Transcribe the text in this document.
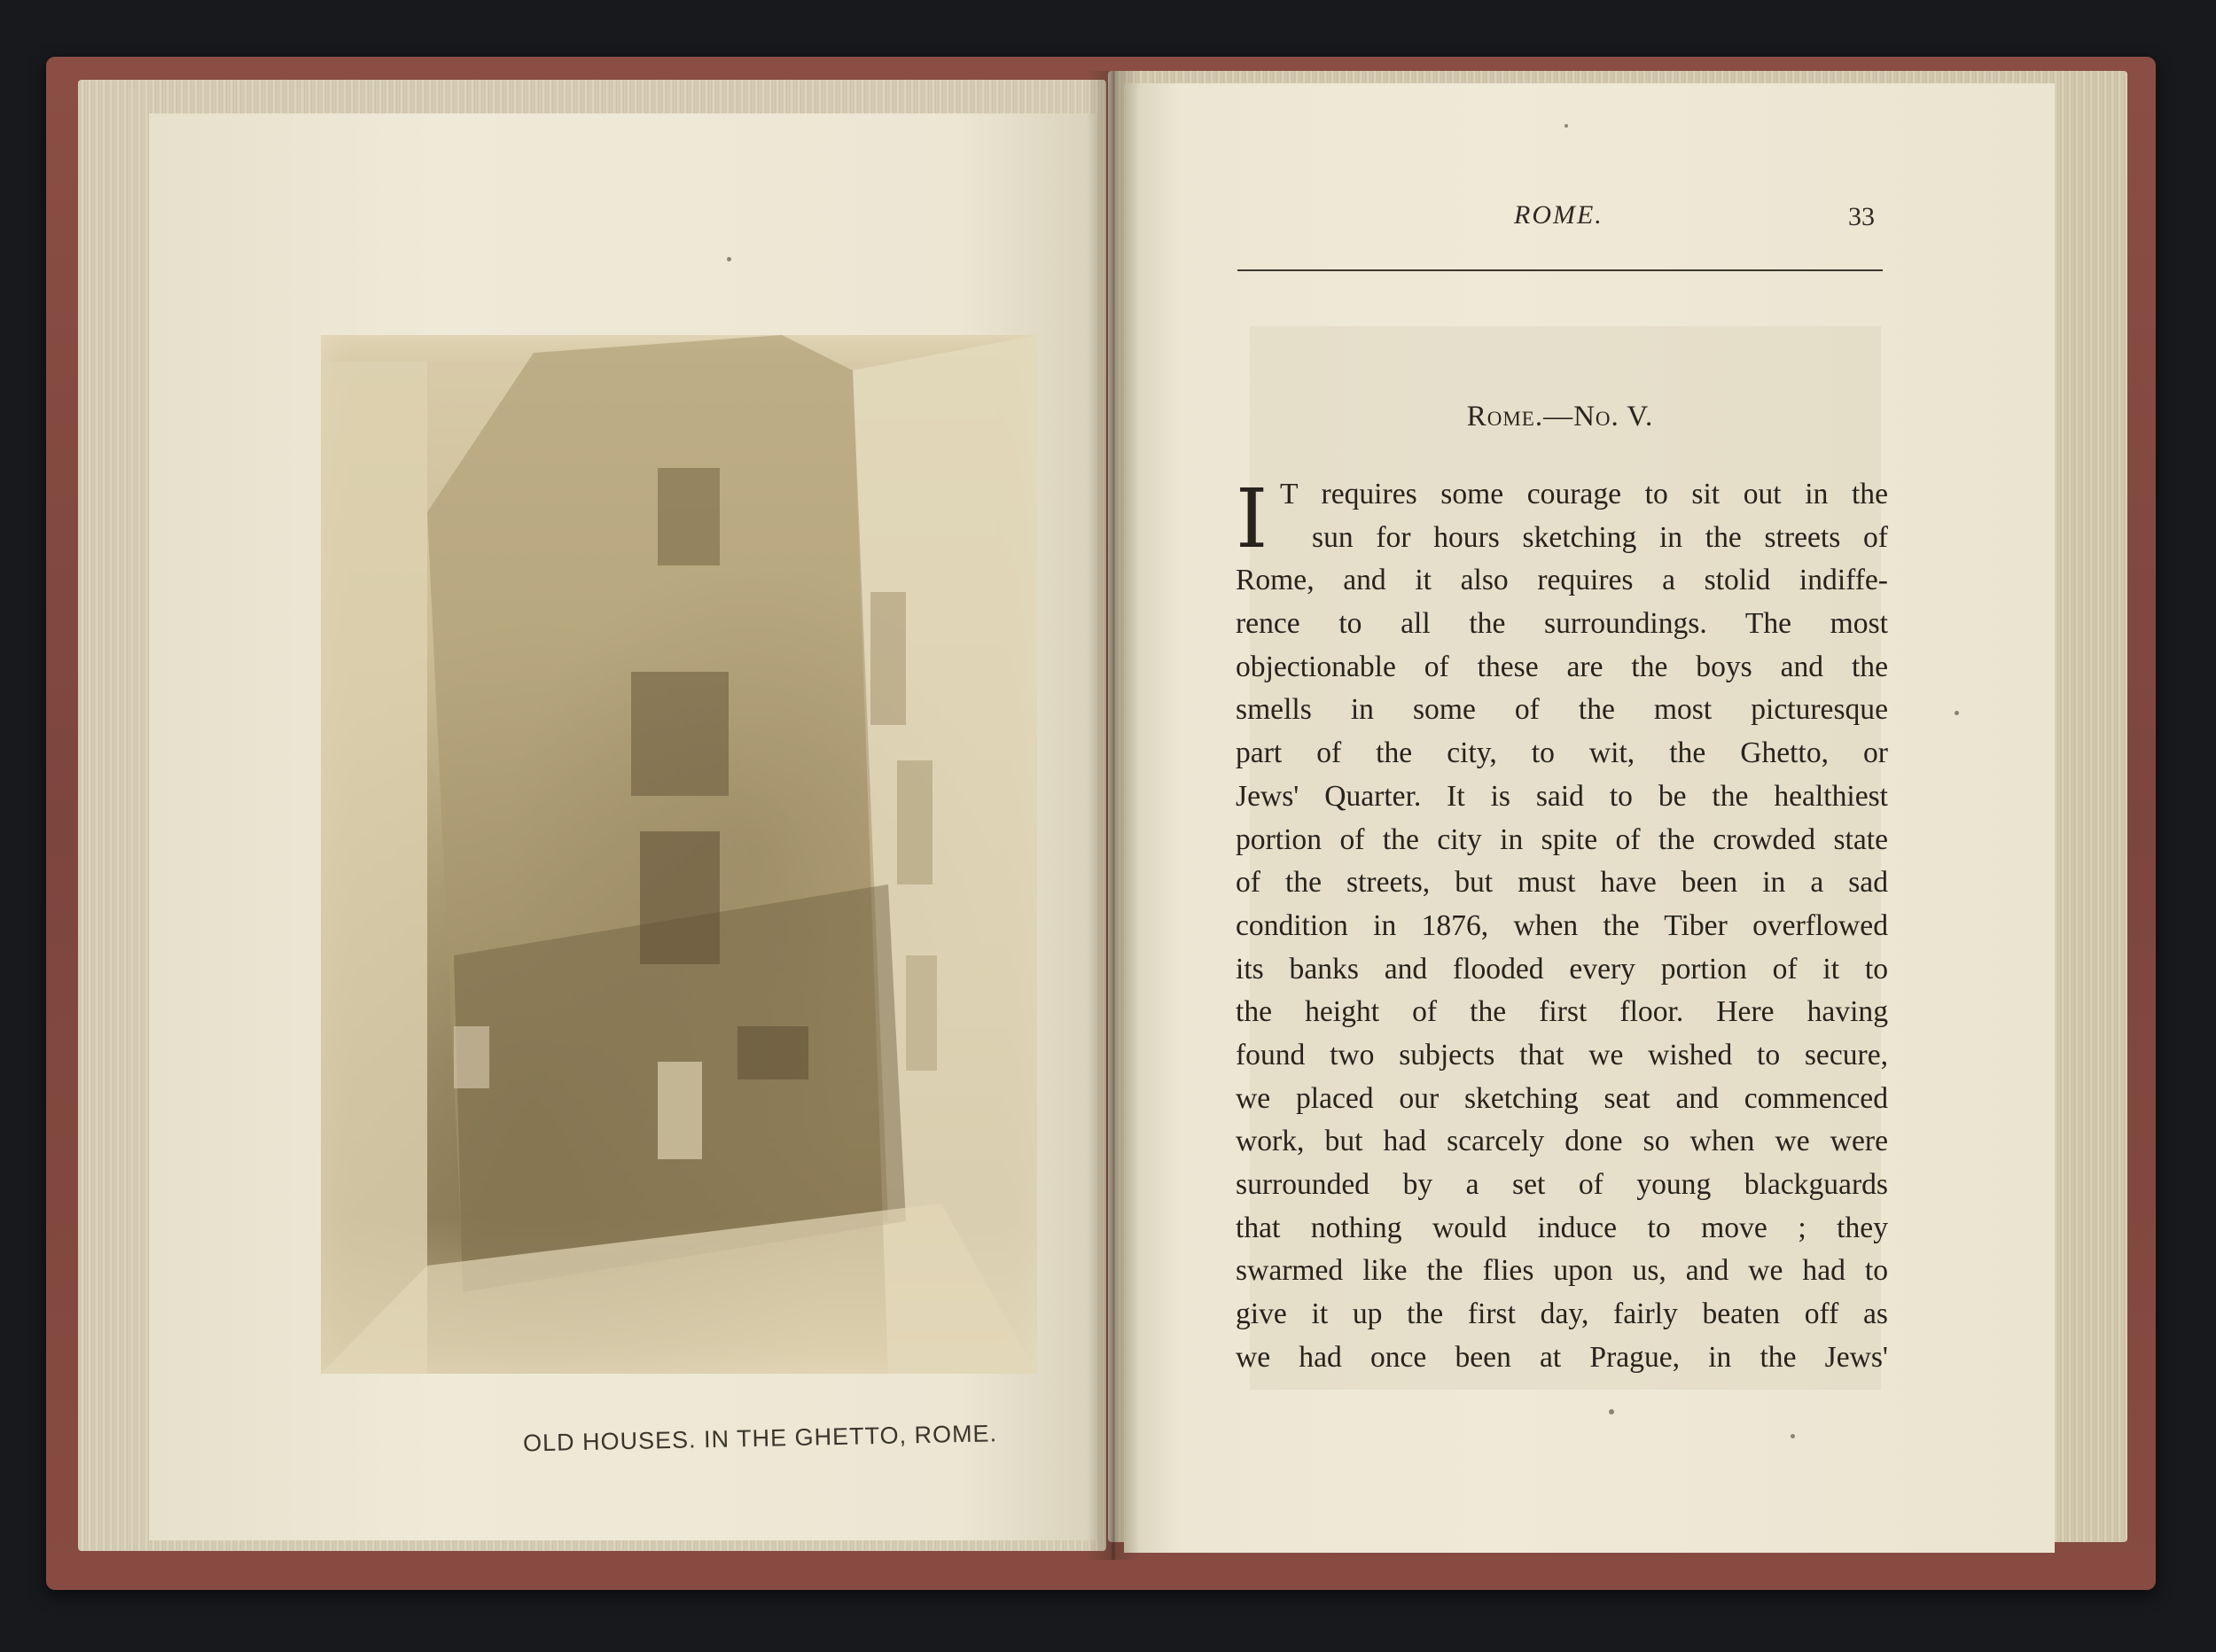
OLD HOUSES. IN THE GHETTO, ROME.
ROME.	33
Rome.—No. V.
I T requires some courage to sit out in the
sun for hours sketching in the streets of
Rome, and it also requires a stolid indiffe-
rence to all the surroundings. The most
objectionable of these are the boys and the
smells in some of the most picturesque
part of the city, to wit, the Ghetto, or
Jews' Quarter. It is said to be the healthiest
portion of the city in spite of the crowded state
of the streets, but must have been in a sad
condition in 1876, when the Tiber overflowed
its banks and flooded every portion of it to
the height of the first floor. Here having
found two subjects that we wished to secure,
we placed our sketching seat and commenced
work, but had scarcely done so when we were
surrounded by a set of young blackguards
that nothing would induce to move ; they
swarmed like the flies upon us, and we had to
give it up the first day, fairly beaten off as
we had once been at Prague, in the Jews'
